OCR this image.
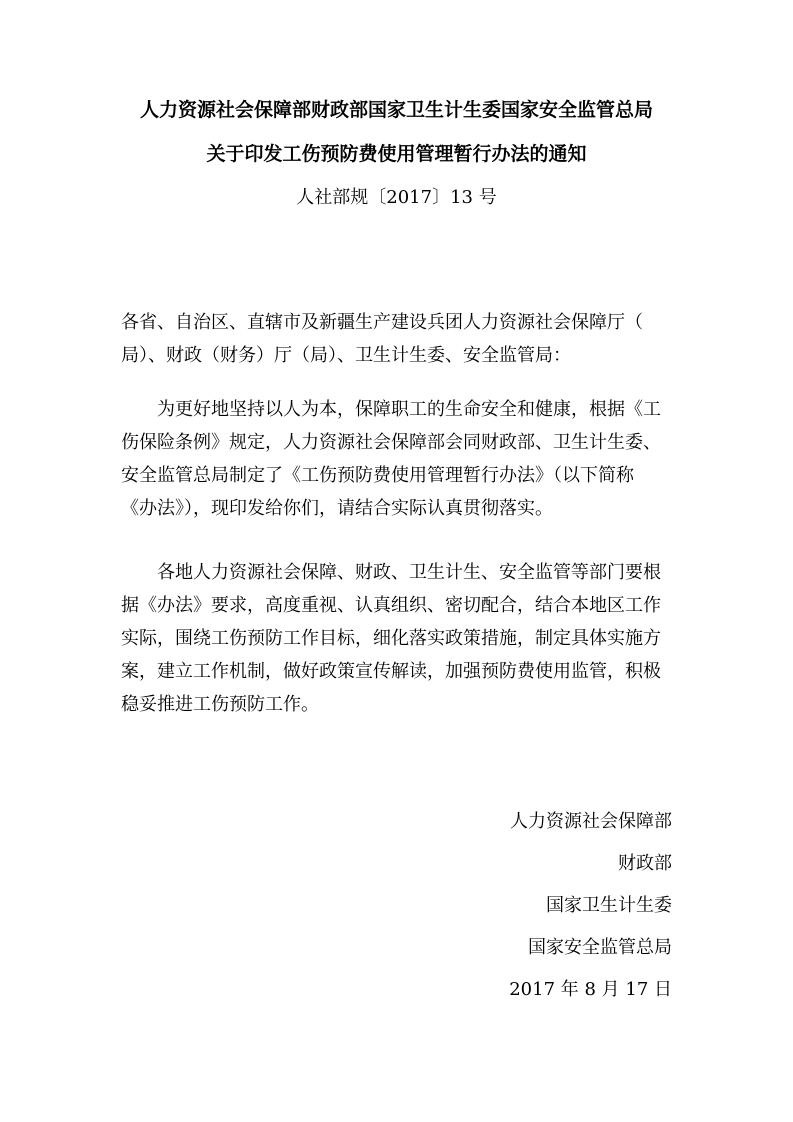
人力资源社会保障部财政部国家卫生计生委国家安全监管总局
关于印发工伤预防费使用管理暂行办法的通知
人社部规〔2017〕13 号
各省、自治区、直辖市及新疆生产建设兵团人力资源社会保障厅（
局）、财政（财务）厅（局）、卫生计生委、安全监管局：
　　为更好地坚持以人为本，保障职工的生命安全和健康，根据《工
伤保险条例》规定，人力资源社会保障部会同财政部、卫生计生委、
安全监管总局制定了《工伤预防费使用管理暂行办法》（以下简称
《办法》），现印发给你们，请结合实际认真贯彻落实。
　　各地人力资源社会保障、财政、卫生计生、安全监管等部门要根
据《办法》要求，高度重视、认真组织、密切配合，结合本地区工作
实际，围绕工伤预防工作目标，细化落实政策措施，制定具体实施方
案，建立工作机制，做好政策宣传解读，加强预防费使用监管，积极
稳妥推进工伤预防工作。
人力资源社会保障部
财政部
国家卫生计生委
国家安全监管总局
2017 年 8 月 17 日
